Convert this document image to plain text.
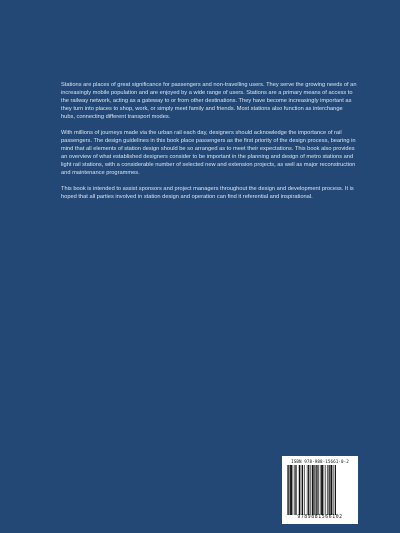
Stations are places of great significance for passengers and non-travelling users. They serve the growing needs of an increasingly mobile population and are enjoyed by a wide range of users. Stations are a primary means of access to the railway network, acting as a gateway to or from other destinations. They have become increasingly important as they turn into places to shop, work, or simply meet family and friends. Most stations also function as interchange hubs, connecting different transport modes.

With millions of journeys made via the urban rail each day, designers should acknowledge the importance of rail passengers. The design guidelines in this book place passengers as the first priority of the design process, bearing in mind that all elements of station design should be so arranged as to meet their expectations. This book also provides an overview of what established designers consider to be important in the planning and design of metro stations and light rail stations, with a considerable number of selected new and extension projects, as well as major reconstruction and maintenance programmes.

This book is intended to assist sponsors and project managers throughout the design and development process. It is hoped that all parties involved in station design and operation can find it referential and inspirational.

ISBN 978-988-15661-0-2
9789881566102
